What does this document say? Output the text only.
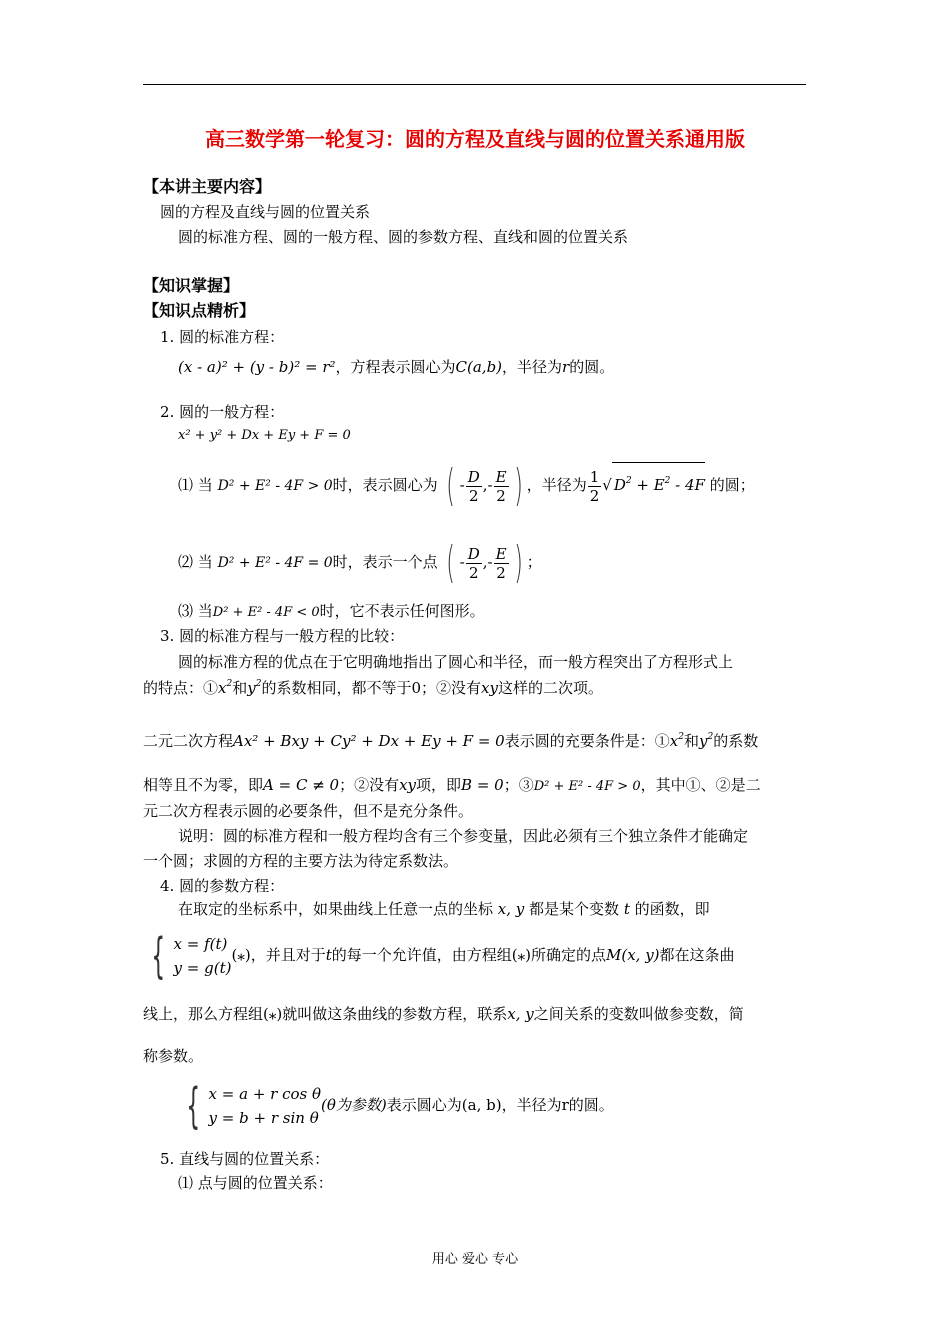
高三数学第一轮复习：圆的方程及直线与圆的位置关系通用版
【本讲主要内容】
圆的方程及直线与圆的位置关系
圆的标准方程、圆的一般方程、圆的参数方程、直线和圆的位置关系
【知识掌握】
【知识点精析】
1. 圆的标准方程：
(x - a)² + (y - b)² = r²，方程表示圆心为C(a,b)，半径为r的圆。
2. 圆的一般方程：
x² + y² + Dx + Ey + F = 0
⑴ 当 D² + E² - 4F > 0时，表示圆心为 ( - $\frac{D}{2}$ ,- $\frac{E}{2}$ ) ，半径为 $\frac{1}{2}$ √ $D^2 + E^2 - 4F$ 的圆；
⑵ 当 D² + E² - 4F = 0时，表示一个点 ( - $\frac{D}{2}$ ,- $\frac{E}{2}$ ) ；
⑶ 当D² + E² - 4F < 0时，它不表示任何图形。
3. 圆的标准方程与一般方程的比较：
圆的标准方程的优点在于它明确地指出了圆心和半径，而一般方程突出了方程形式上
的特点：$①x^2$和$y^2$的系数相同，都不等于0；②没有xy这样的二次项。
二元二次方程Ax² + Bxy + Cy² + Dx + Ey + F = 0表示圆的充要条件是：$①x^2$和$y^2$的系数
相等且不为零，即A = C ≠ 0；②没有xy项，即B = 0；③D² + E² - 4F > 0，其中①、②是二
元二次方程表示圆的必要条件，但不是充分条件。
说明：圆的标准方程和一般方程均含有三个参变量，因此必须有三个独立条件才能确定
一个圆；求圆的方程的主要方法为待定系数法。
4. 圆的参数方程：
在取定的坐标系中，如果曲线上任意一点的坐标 x, y 都是某个变数 t 的函数，即
{ x = f(t)
y = g(t)
(⁎)，并且对于t的每一个允许值，由方程组(⁎)所确定的点M(x, y)都在这条曲
线上，那么方程组(⁎)就叫做这条曲线的参数方程，联系x, y之间关系的变数叫做参变数，简
称参数。
{ x = a + r cos θ
y = b + r sin θ
(θ为参数)表示圆心为(a, b)，半径为r的圆。
5. 直线与圆的位置关系：
⑴ 点与圆的位置关系：
用心 爱心 专心
